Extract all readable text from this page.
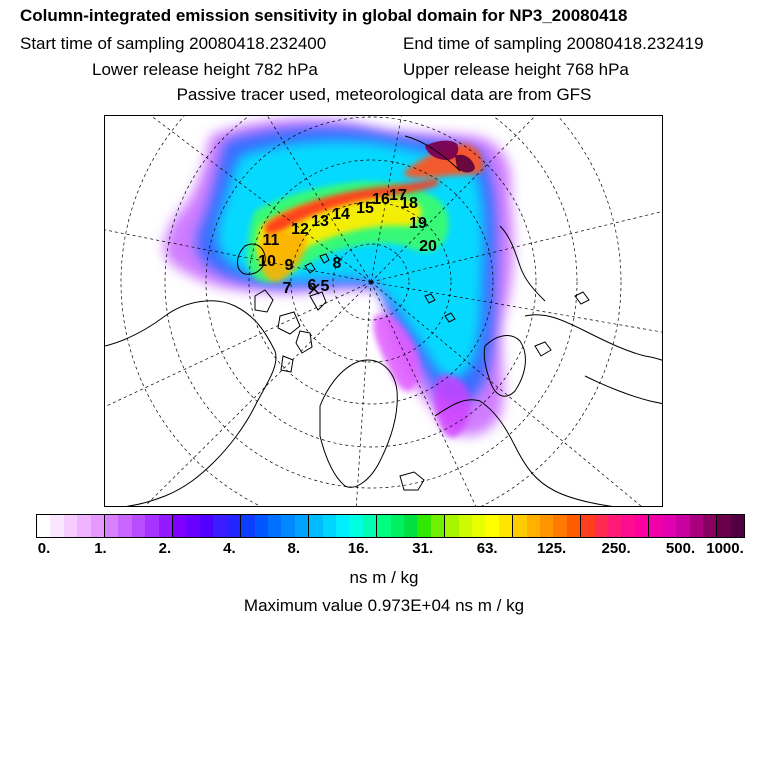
Column-integrated emission sensitivity in global domain for NP3_20080418
Start time of sampling 20080418.232400	End time of sampling 20080418.232419
Lower release height 782 hPa	Upper release height 768 hPa
Passive tracer used, meteorological data are from GFS
5
6
7
8
9
10
11
12 13 14 15
16 17
18
19
20
0.	1.	2.	4.	8.	16.	31.	63.	125. 250. 500. 1000.
ns m / kg
Maximum value 0.973E+04 ns m / kg
